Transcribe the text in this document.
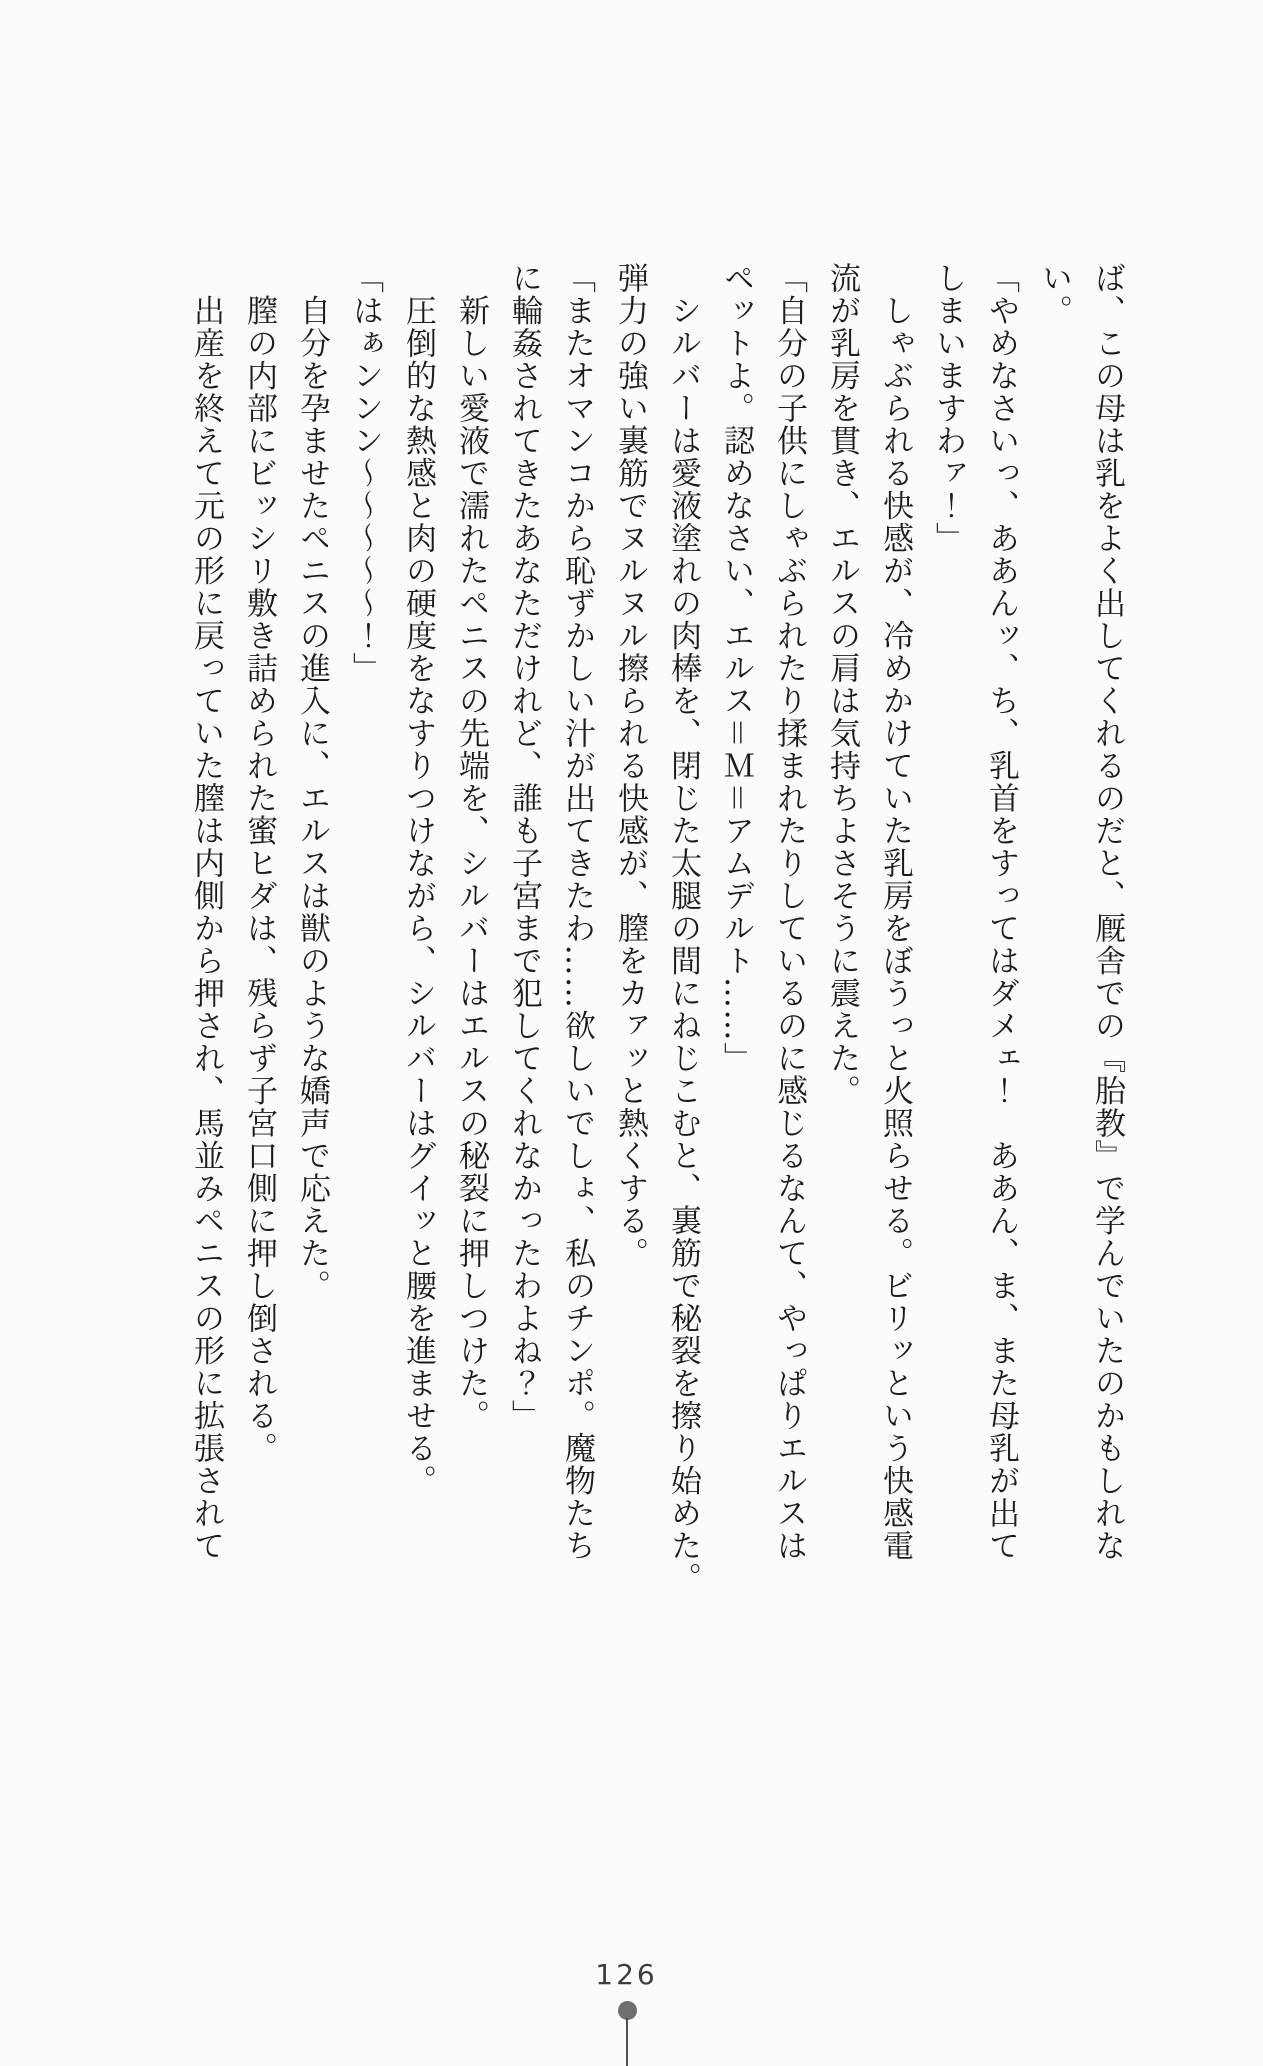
ば、この母は乳をよく出してくれるのだと、厩舎での『胎教』で学んでいたのかもしれな

い。

「やめなさいっ、ああんッ、ち、乳首をすってはダメェ！　ああん、ま、また母乳が出て

しまいますわァ！」

　しゃぶられる快感が、冷めかけていた乳房をぼうっと火照らせる。ビリッという快感電

流が乳房を貫き、エルスの肩は気持ちよさそうに震えた。

「自分の子供にしゃぶられたり揉まれたりしているのに感じるなんて、やっぱりエルスは

ペットよ。認めなさい、エルス＝Ｍ＝アムデルト……」

　シルバーは愛液塗れの肉棒を、閉じた太腿の間にねじこむと、裏筋で秘裂を擦り始めた。

弾力の強い裏筋でヌルヌル擦られる快感が、膣をカァッと熱くする。

「またオマンコから恥ずかしい汁が出てきたわ……欲しいでしょ、私のチンポ。魔物たち

に輪姦されてきたあなただけれど、誰も子宮まで犯してくれなかったわよね？」

　新しい愛液で濡れたペニスの先端を、シルバーはエルスの秘裂に押しつけた。

　圧倒的な熱感と肉の硬度をなすりつけながら、シルバーはグイッと腰を進ませる。

「はぁンンン～～～～～！」

　自分を孕ませたペニスの進入に、エルスは獣のような嬌声で応えた。

　膣の内部にビッシリ敷き詰められた蜜ヒダは、残らず子宮口側に押し倒される。

　出産を終えて元の形に戻っていた膣は内側から押され、馬並みペニスの形に拡張されて

126
